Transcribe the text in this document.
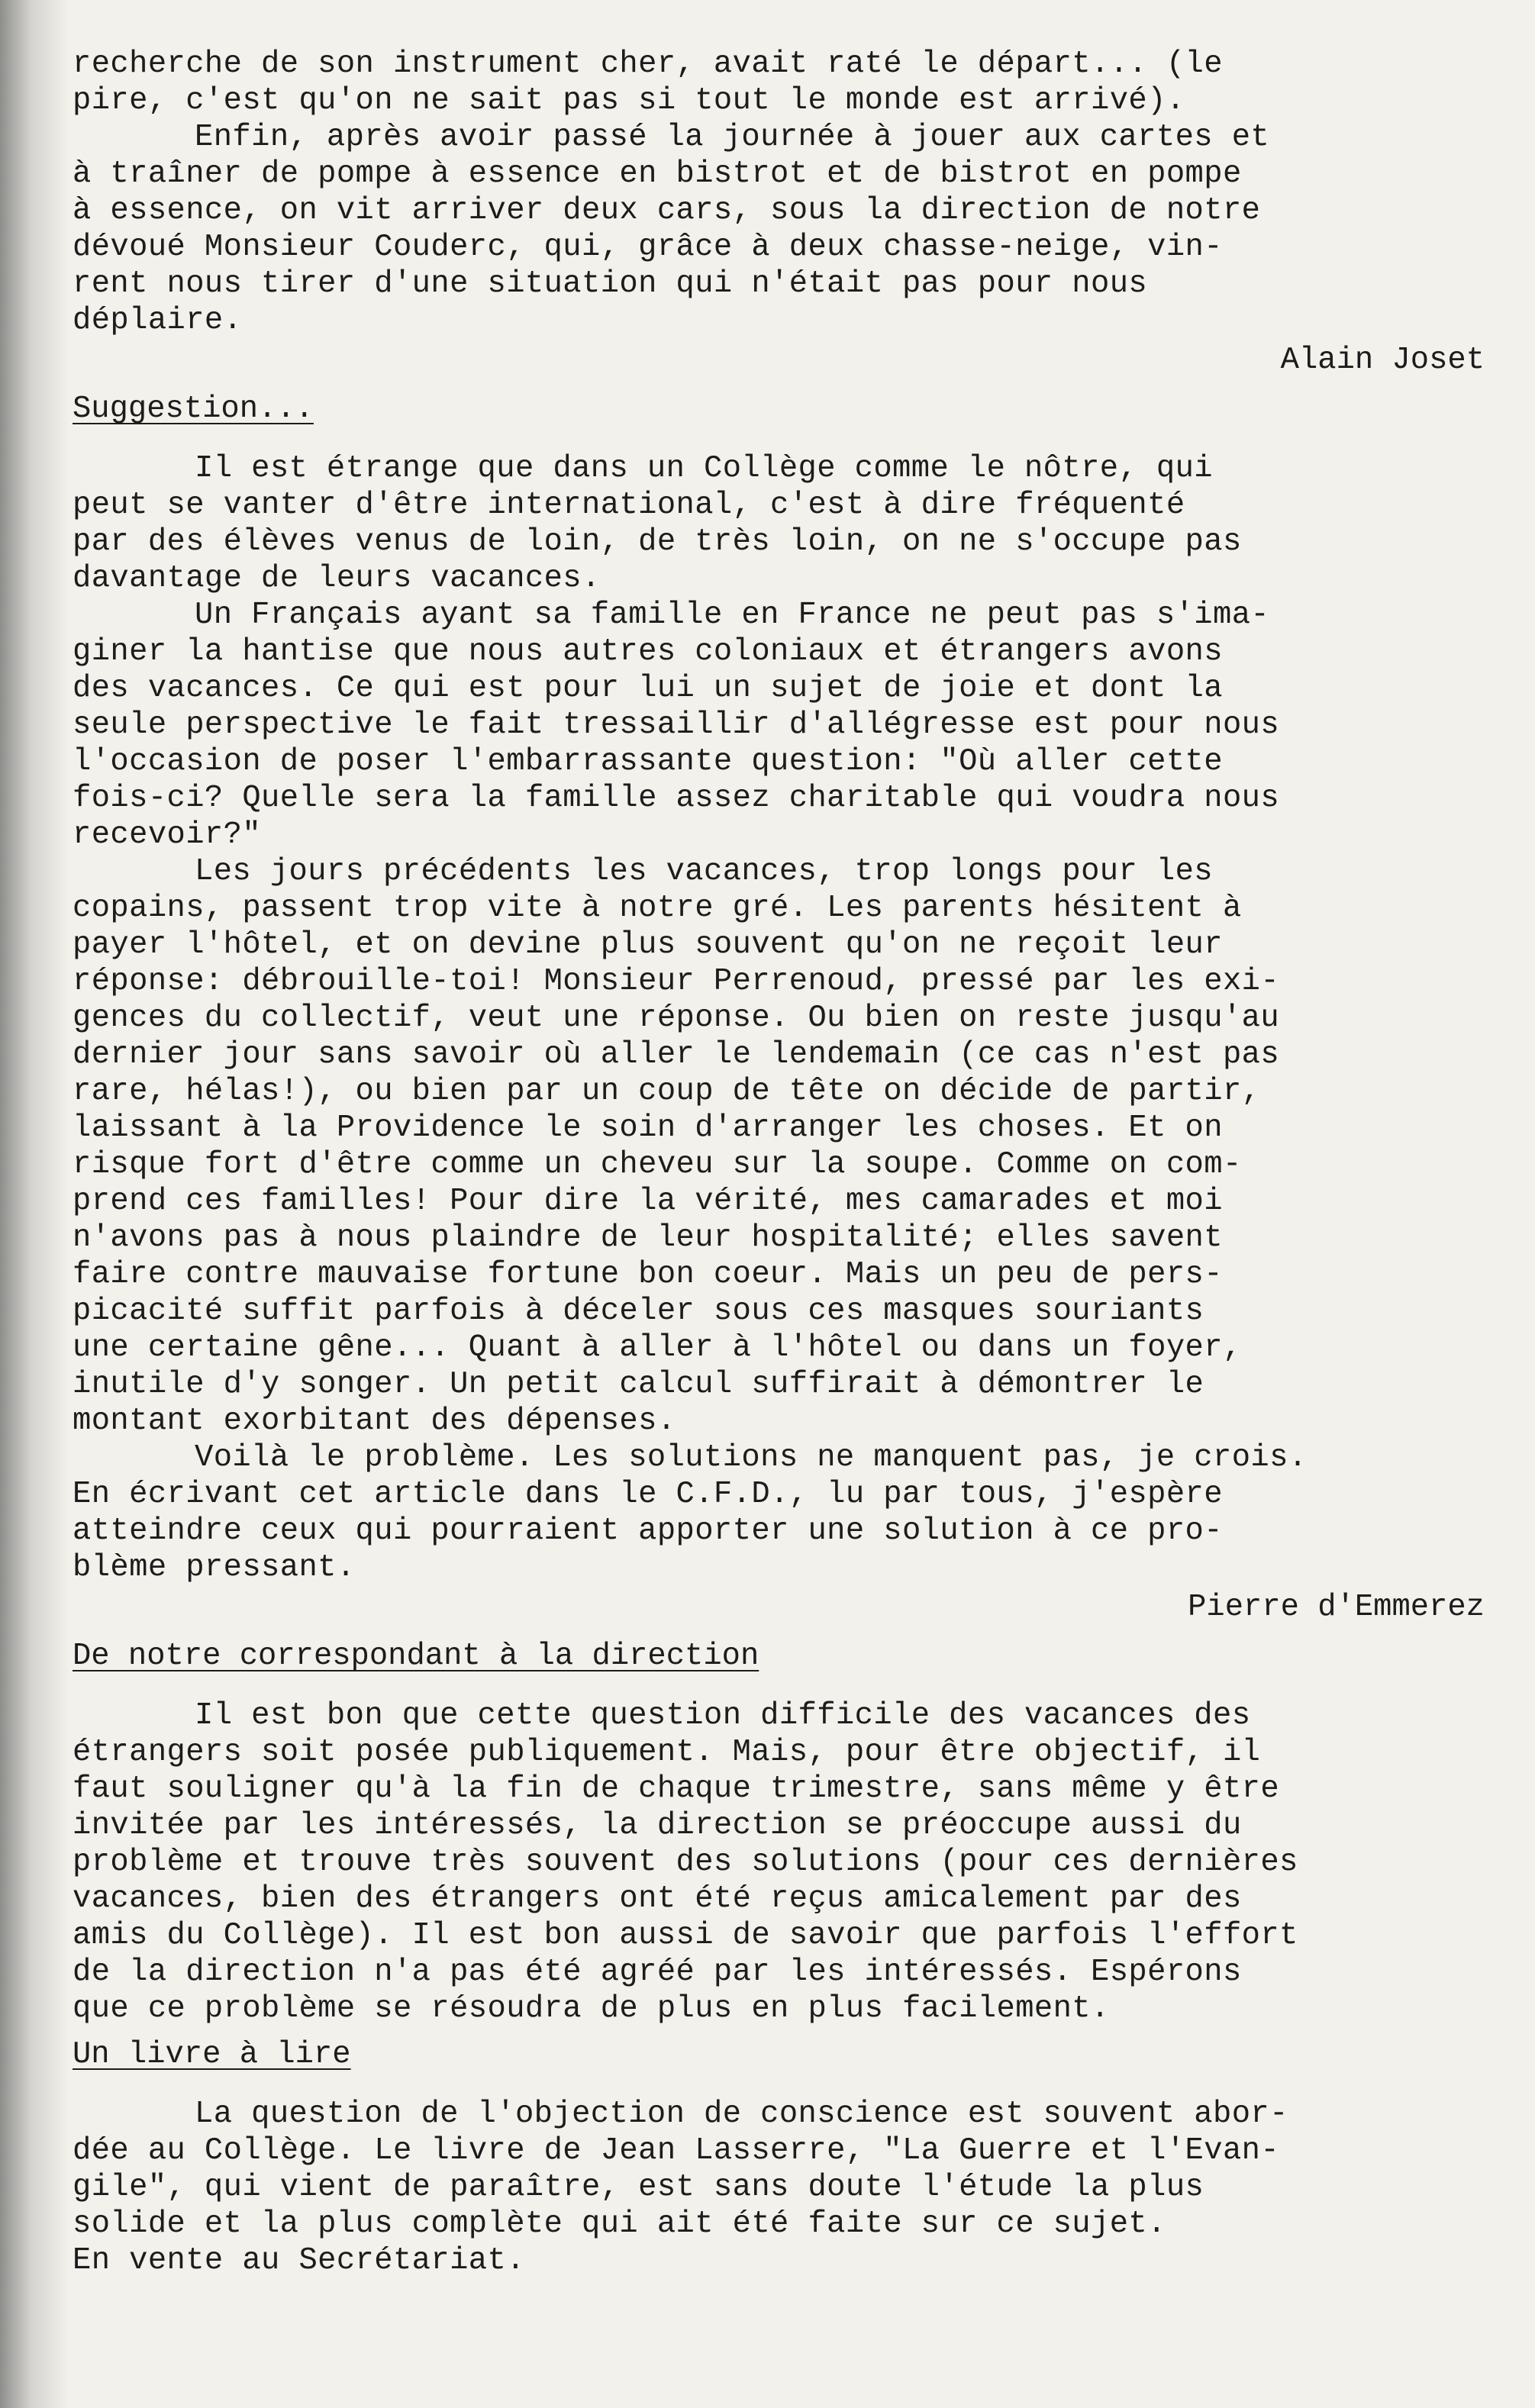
recherche de son instrument cher, avait raté le départ... (le
pire, c'est qu'on ne sait pas si tout le monde est arrivé).
Enfin, après avoir passé la journée à jouer aux cartes et
à traîner de pompe à essence en bistrot et de bistrot en pompe
à essence, on vit arriver deux cars, sous la direction de notre
dévoué Monsieur Couderc, qui, grâce à deux chasse-neige, vin-
rent nous tirer d'une situation qui n'était pas pour nous
déplaire.
Alain Joset
Suggestion...
Il est étrange que dans un Collège comme le nôtre, qui
peut se vanter d'être international, c'est à dire fréquenté
par des élèves venus de loin, de très loin, on ne s'occupe pas
davantage de leurs vacances.
Un Français ayant sa famille en France ne peut pas s'ima-
giner la hantise que nous autres coloniaux et étrangers avons
des vacances. Ce qui est pour lui un sujet de joie et dont la
seule perspective le fait tressaillir d'allégresse est pour nous
l'occasion de poser l'embarrassante question: "Où aller cette
fois-ci? Quelle sera la famille assez charitable qui voudra nous
recevoir?"
Les jours précédents les vacances, trop longs pour les
copains, passent trop vite à notre gré. Les parents hésitent à
payer l'hôtel, et on devine plus souvent qu'on ne reçoit leur
réponse: débrouille-toi! Monsieur Perrenoud, pressé par les exi-
gences du collectif, veut une réponse. Ou bien on reste jusqu'au
dernier jour sans savoir où aller le lendemain (ce cas n'est pas
rare, hélas!), ou bien par un coup de tête on décide de partir,
laissant à la Providence le soin d'arranger les choses. Et on
risque fort d'être comme un cheveu sur la soupe. Comme on com-
prend ces familles! Pour dire la vérité, mes camarades et moi
n'avons pas à nous plaindre de leur hospitalité; elles savent
faire contre mauvaise fortune bon coeur. Mais un peu de pers-
picacité suffit parfois à déceler sous ces masques souriants
une certaine gêne... Quant à aller à l'hôtel ou dans un foyer,
inutile d'y songer. Un petit calcul suffirait à démontrer le
montant exorbitant des dépenses.
Voilà le problème. Les solutions ne manquent pas, je crois.
En écrivant cet article dans le C.F.D., lu par tous, j'espère
atteindre ceux qui pourraient apporter une solution à ce pro-
blème pressant.
Pierre d'Emmerez
De notre correspondant à la direction
Il est bon que cette question difficile des vacances des
étrangers soit posée publiquement. Mais, pour être objectif, il
faut souligner qu'à la fin de chaque trimestre, sans même y être
invitée par les intéressés, la direction se préoccupe aussi du
problème et trouve très souvent des solutions (pour ces dernières
vacances, bien des étrangers ont été reçus amicalement par des
amis du Collège). Il est bon aussi de savoir que parfois l'effort
de la direction n'a pas été agréé par les intéressés. Espérons
que ce problème se résoudra de plus en plus facilement.
Un livre à lire
La question de l'objection de conscience est souvent abor-
dée au Collège. Le livre de Jean Lasserre, "La Guerre et l'Evan-
gile", qui vient de paraître, est sans doute l'étude la plus
solide et la plus complète qui ait été faite sur ce sujet.
En vente au Secrétariat.
